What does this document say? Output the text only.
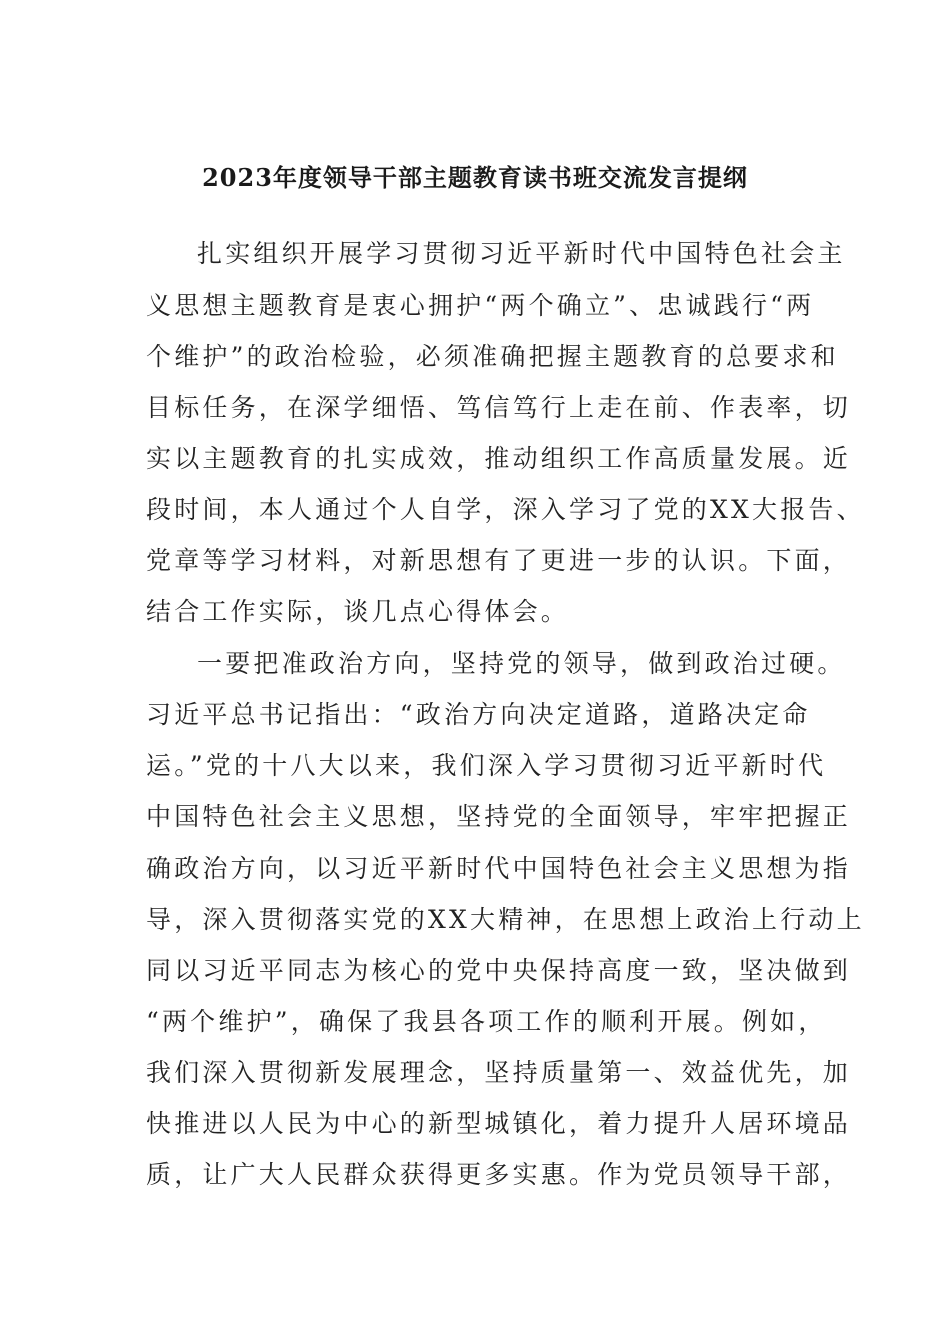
2023年度领导干部主题教育读书班交流发言提纲

扎实组织开展学习贯彻习近平新时代中国特色社会主

义思想主题教育是衷心拥护“两个确立”、忠诚践行“两

个维护”的政治检验，必须准确把握主题教育的总要求和

目标任务，在深学细悟、笃信笃行上走在前、作表率，切

实以主题教育的扎实成效，推动组织工作高质量发展。近

段时间，本人通过个人自学，深入学习了党的XX大报告、

党章等学习材料，对新思想有了更进一步的认识。下面，

结合工作实际，谈几点心得体会。

一要把准政治方向，坚持党的领导，做到政治过硬。

习近平总书记指出：“政治方向决定道路，道路决定命

运。”党的十八大以来，我们深入学习贯彻习近平新时代

中国特色社会主义思想，坚持党的全面领导，牢牢把握正

确政治方向，以习近平新时代中国特色社会主义思想为指

导，深入贯彻落实党的XX大精神，在思想上政治上行动上

同以习近平同志为核心的党中央保持高度一致，坚决做到

“两个维护”，确保了我县各项工作的顺利开展。例如，

我们深入贯彻新发展理念，坚持质量第一、效益优先，加

快推进以人民为中心的新型城镇化，着力提升人居环境品

质，让广大人民群众获得更多实惠。作为党员领导干部，
